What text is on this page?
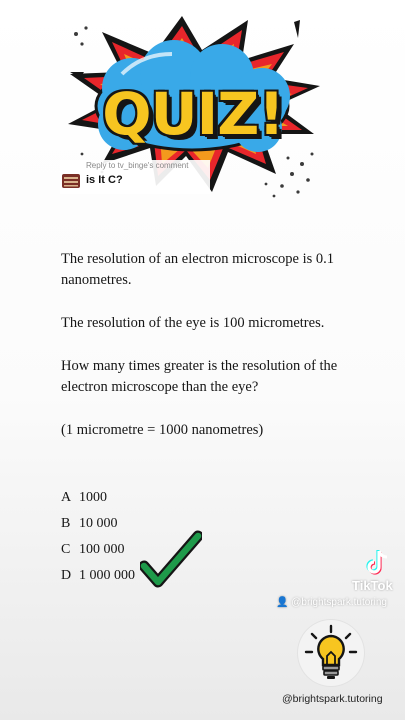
QUIZ!
Reply to tv_binge's comment
is It C?

The resolution of an electron microscope is 0.1 nanometres.

The resolution of the eye is 100 micrometres.

How many times greater is the resolution of the electron microscope than the eye?

(1 micrometre = 1000 nanometres)

A 1000
B 10 000
C 100 000
D 1 000 000
TikTok
👤 @brightspark.tutoring
@brightspark.tutoring
